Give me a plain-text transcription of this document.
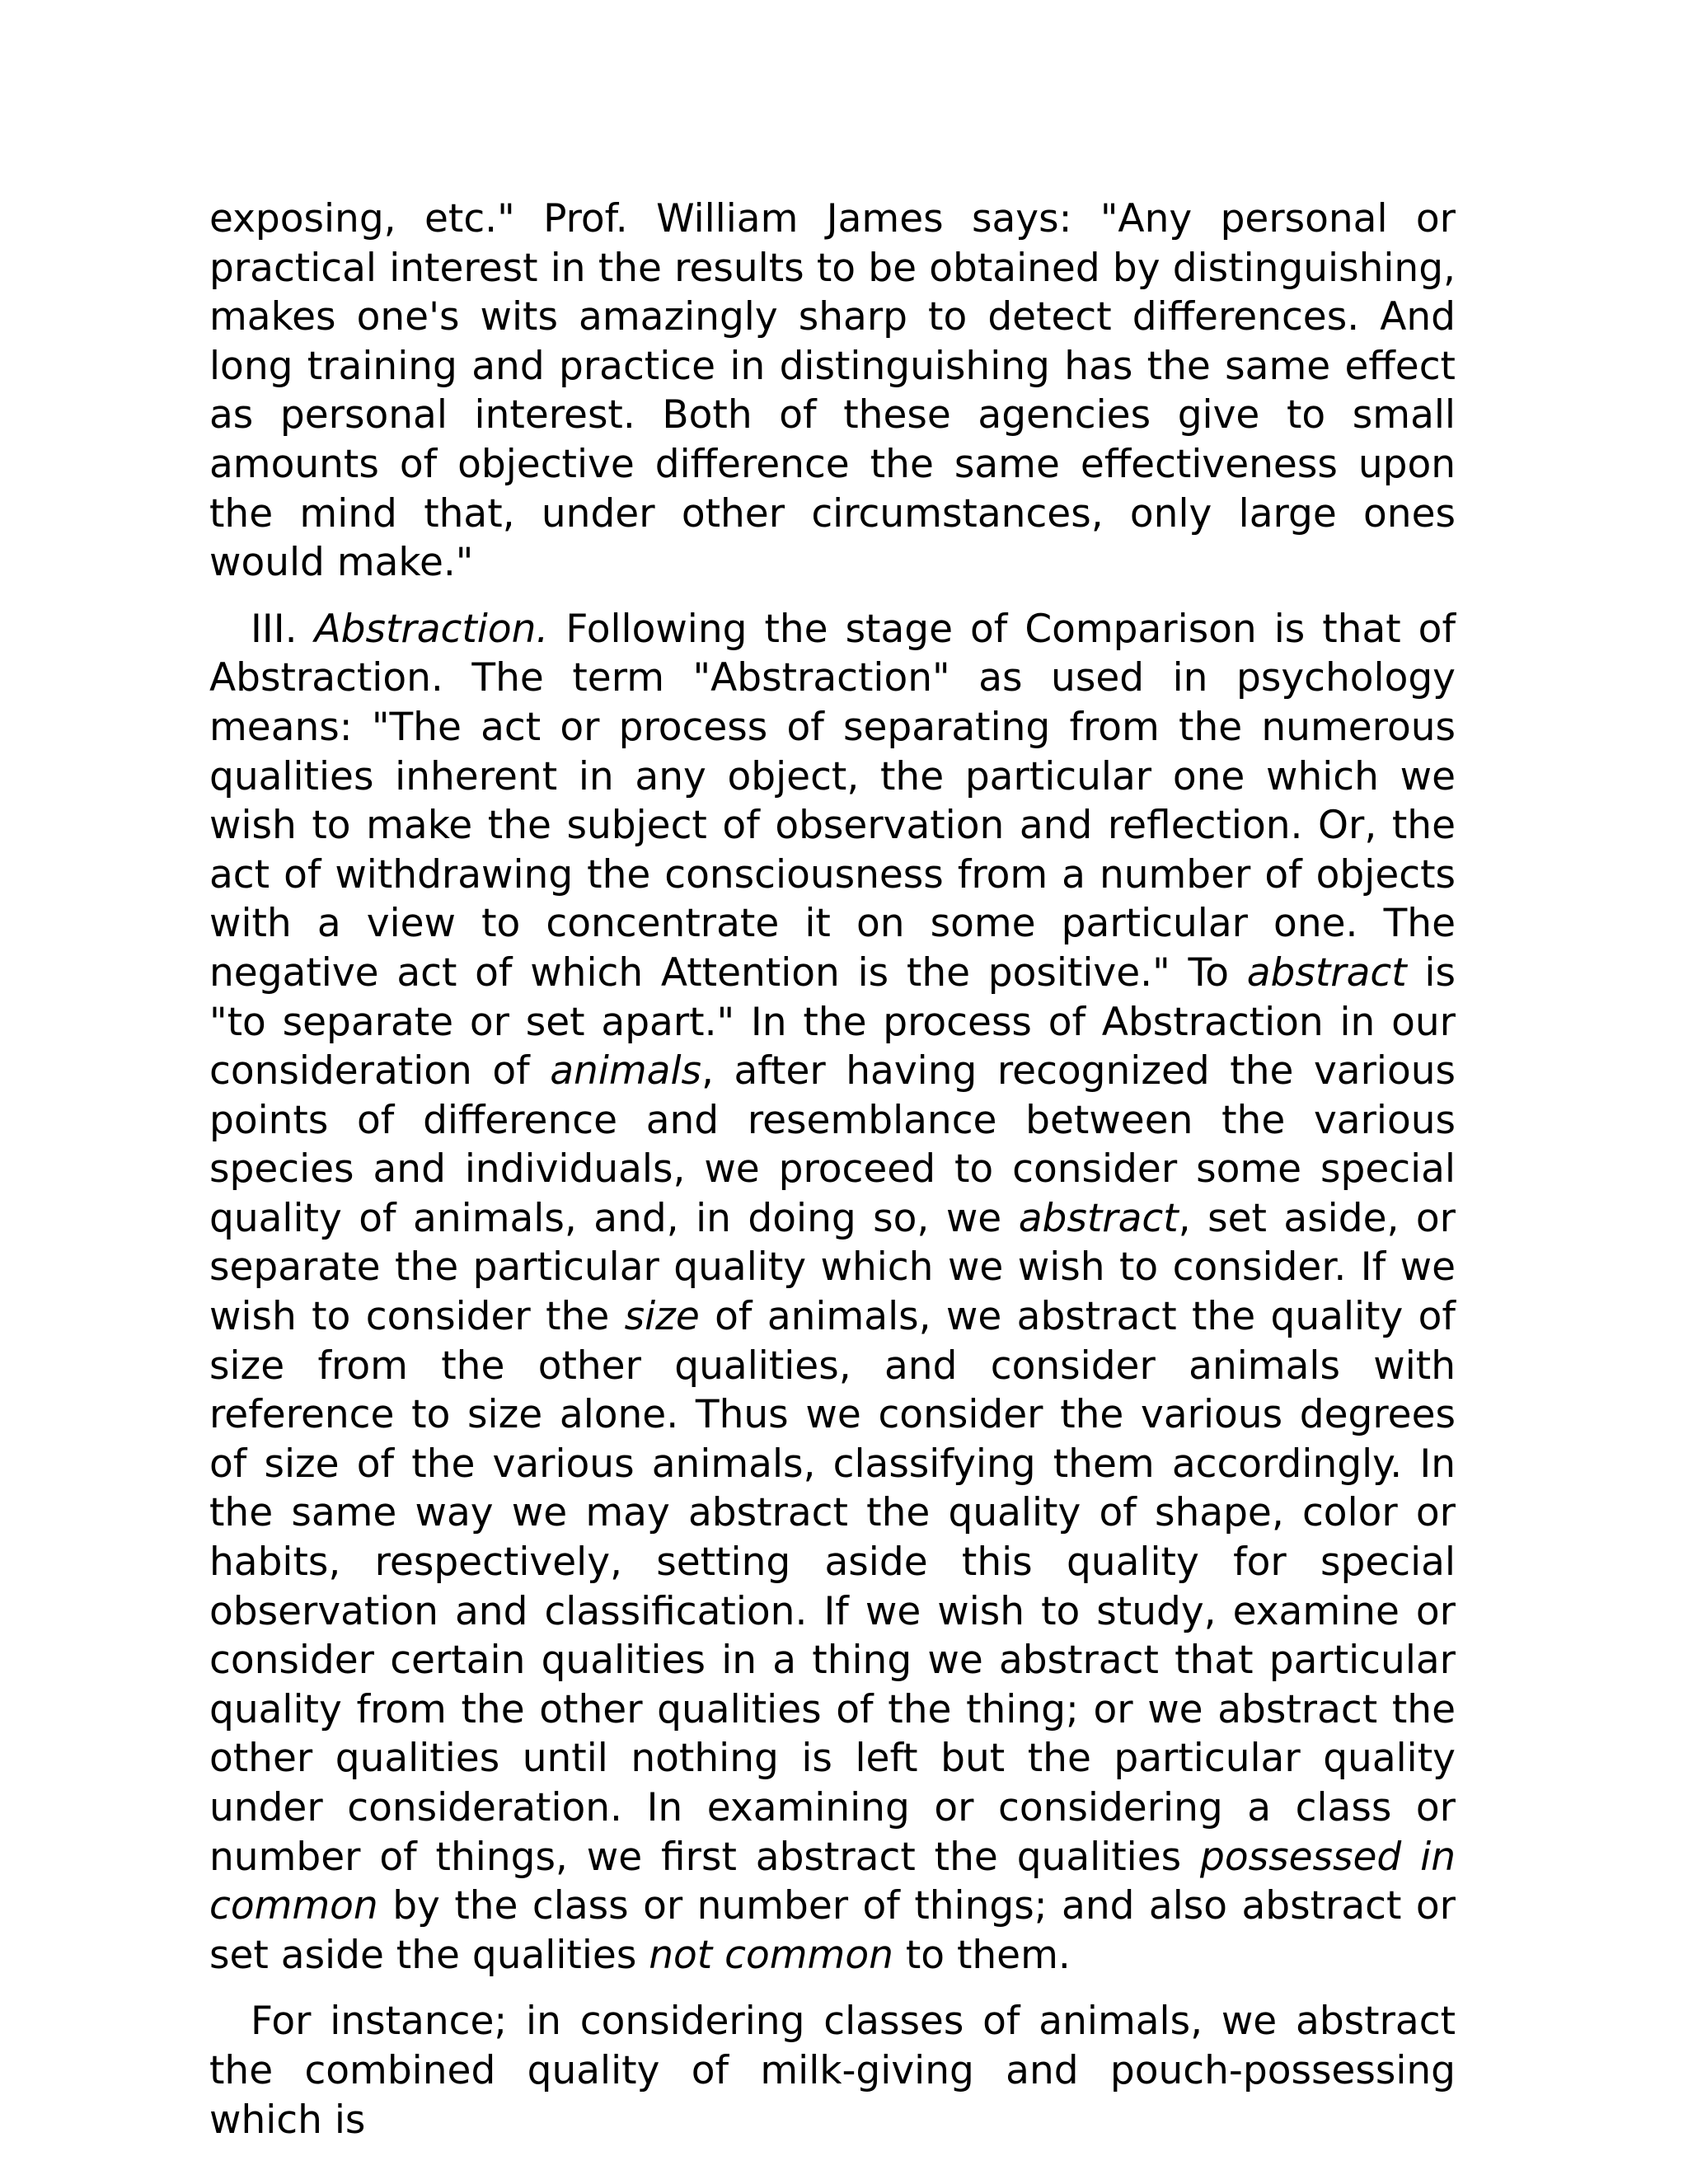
exposing, etc." Prof. William James says: "Any personal or practical interest in the results to be obtained by distinguishing, makes one's wits amazingly sharp to detect differences. And long training and practice in distinguishing has the same effect as personal interest. Both of these agencies give to small amounts of objective difference the same effectiveness upon the mind that, under other circumstances, only large ones would make."

III. Abstraction. Following the stage of Comparison is that of Abstraction. The term "Abstraction" as used in psychology means: "The act or process of separating from the numerous qualities inherent in any object, the particular one which we wish to make the subject of observation and reflection. Or, the act of withdrawing the consciousness from a number of objects with a view to concentrate it on some particular one. The negative act of which Attention is the positive." To abstract is "to separate or set apart." In the process of Abstraction in our consideration of animals, after having recognized the various points of difference and resemblance between the various species and individuals, we proceed to consider some special quality of animals, and, in doing so, we abstract, set aside, or separate the particular quality which we wish to consider. If we wish to consider the size of animals, we abstract the quality of size from the other qualities, and consider animals with reference to size alone. Thus we consider the various degrees of size of the various animals, classifying them accordingly. In the same way we may abstract the quality of shape, color or habits, respectively, setting aside this quality for special observation and classification. If we wish to study, examine or consider certain qualities in a thing we abstract that particular quality from the other qualities of the thing; or we abstract the other qualities until nothing is left but the particular quality under consideration. In examining or considering a class or number of things, we first abstract the qualities possessed in common by the class or number of things; and also abstract or set aside the qualities not common to them.

For instance; in considering classes of animals, we abstract the combined quality of milk-giving and pouch-possessing which is
